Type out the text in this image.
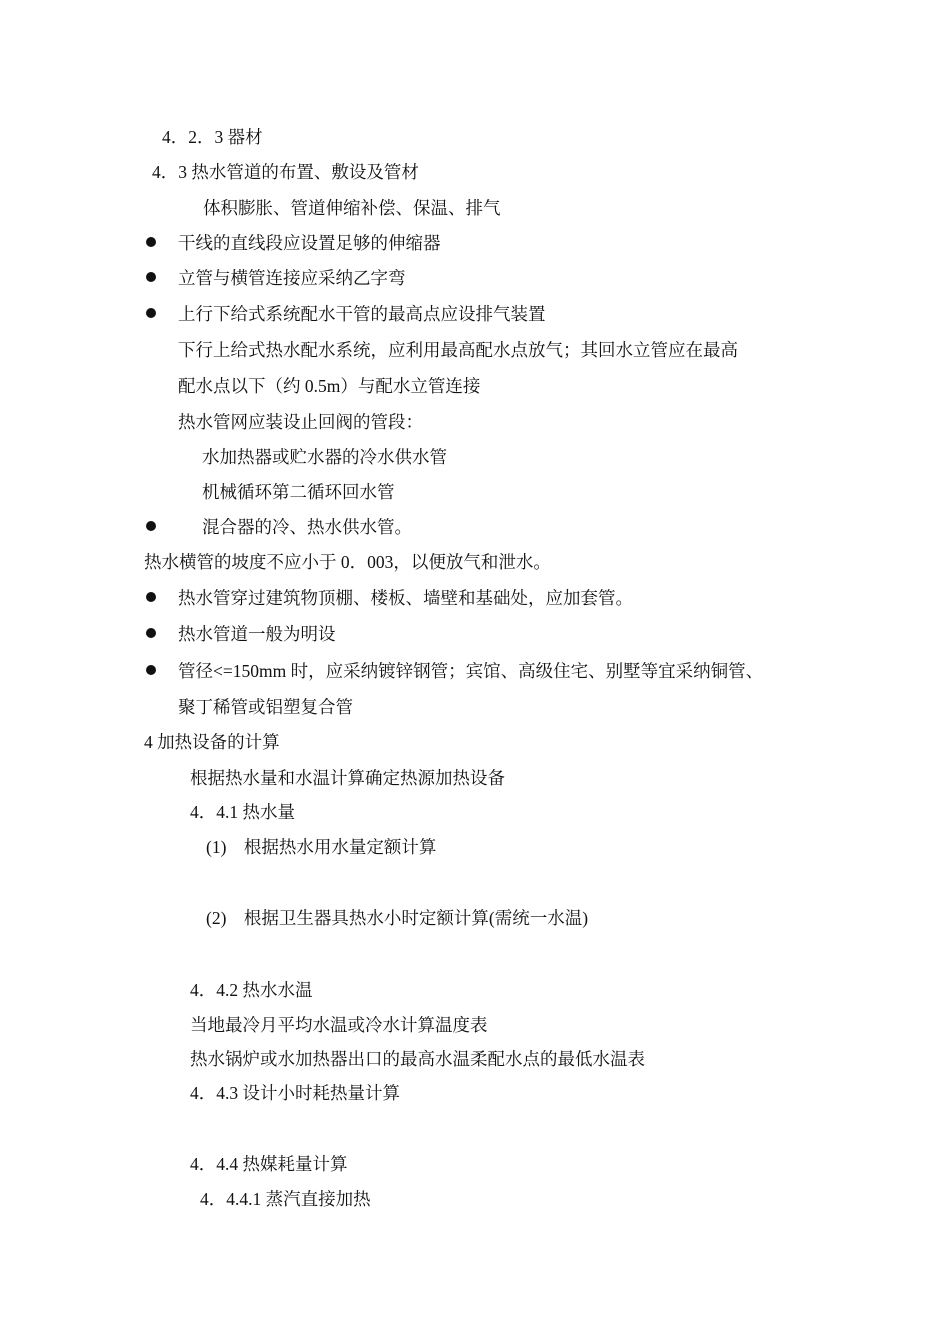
4．2．3 器材
4．3 热水管道的布置、敷设及管材
体积膨胀、管道伸缩补偿、保温、排气
干线的直线段应设置足够的伸缩器
立管与横管连接应采纳乙字弯
上行下给式系统配水干管的最高点应设排气装置
下行上给式热水配水系统，应利用最高配水点放气；其回水立管应在最高
配水点以下（约 0.5m）与配水立管连接
热水管网应装设止回阀的管段：
水加热器或贮水器的冷水供水管
机械循环第二循环回水管
混合器的冷、热水供水管。
热水横管的坡度不应小于 0．003，以便放气和泄水。
热水管穿过建筑物顶棚、楼板、墙壁和基础处，应加套管。
热水管道一般为明设
管径<=150mm 时，应采纳镀锌钢管；宾馆、高级住宅、别墅等宜采纳铜管、
聚丁稀管或铝塑复合管
4 加热设备的计算
根据热水量和水温计算确定热源加热设备
4．4.1 热水量
(1)　根据热水用水量定额计算
(2)　根据卫生器具热水小时定额计算(需统一水温)
4．4.2 热水水温
当地最冷月平均水温或冷水计算温度表
热水锅炉或水加热器出口的最高水温柔配水点的最低水温表
4．4.3 设计小时耗热量计算
4．4.4 热媒耗量计算
4．4.4.1 蒸汽直接加热
